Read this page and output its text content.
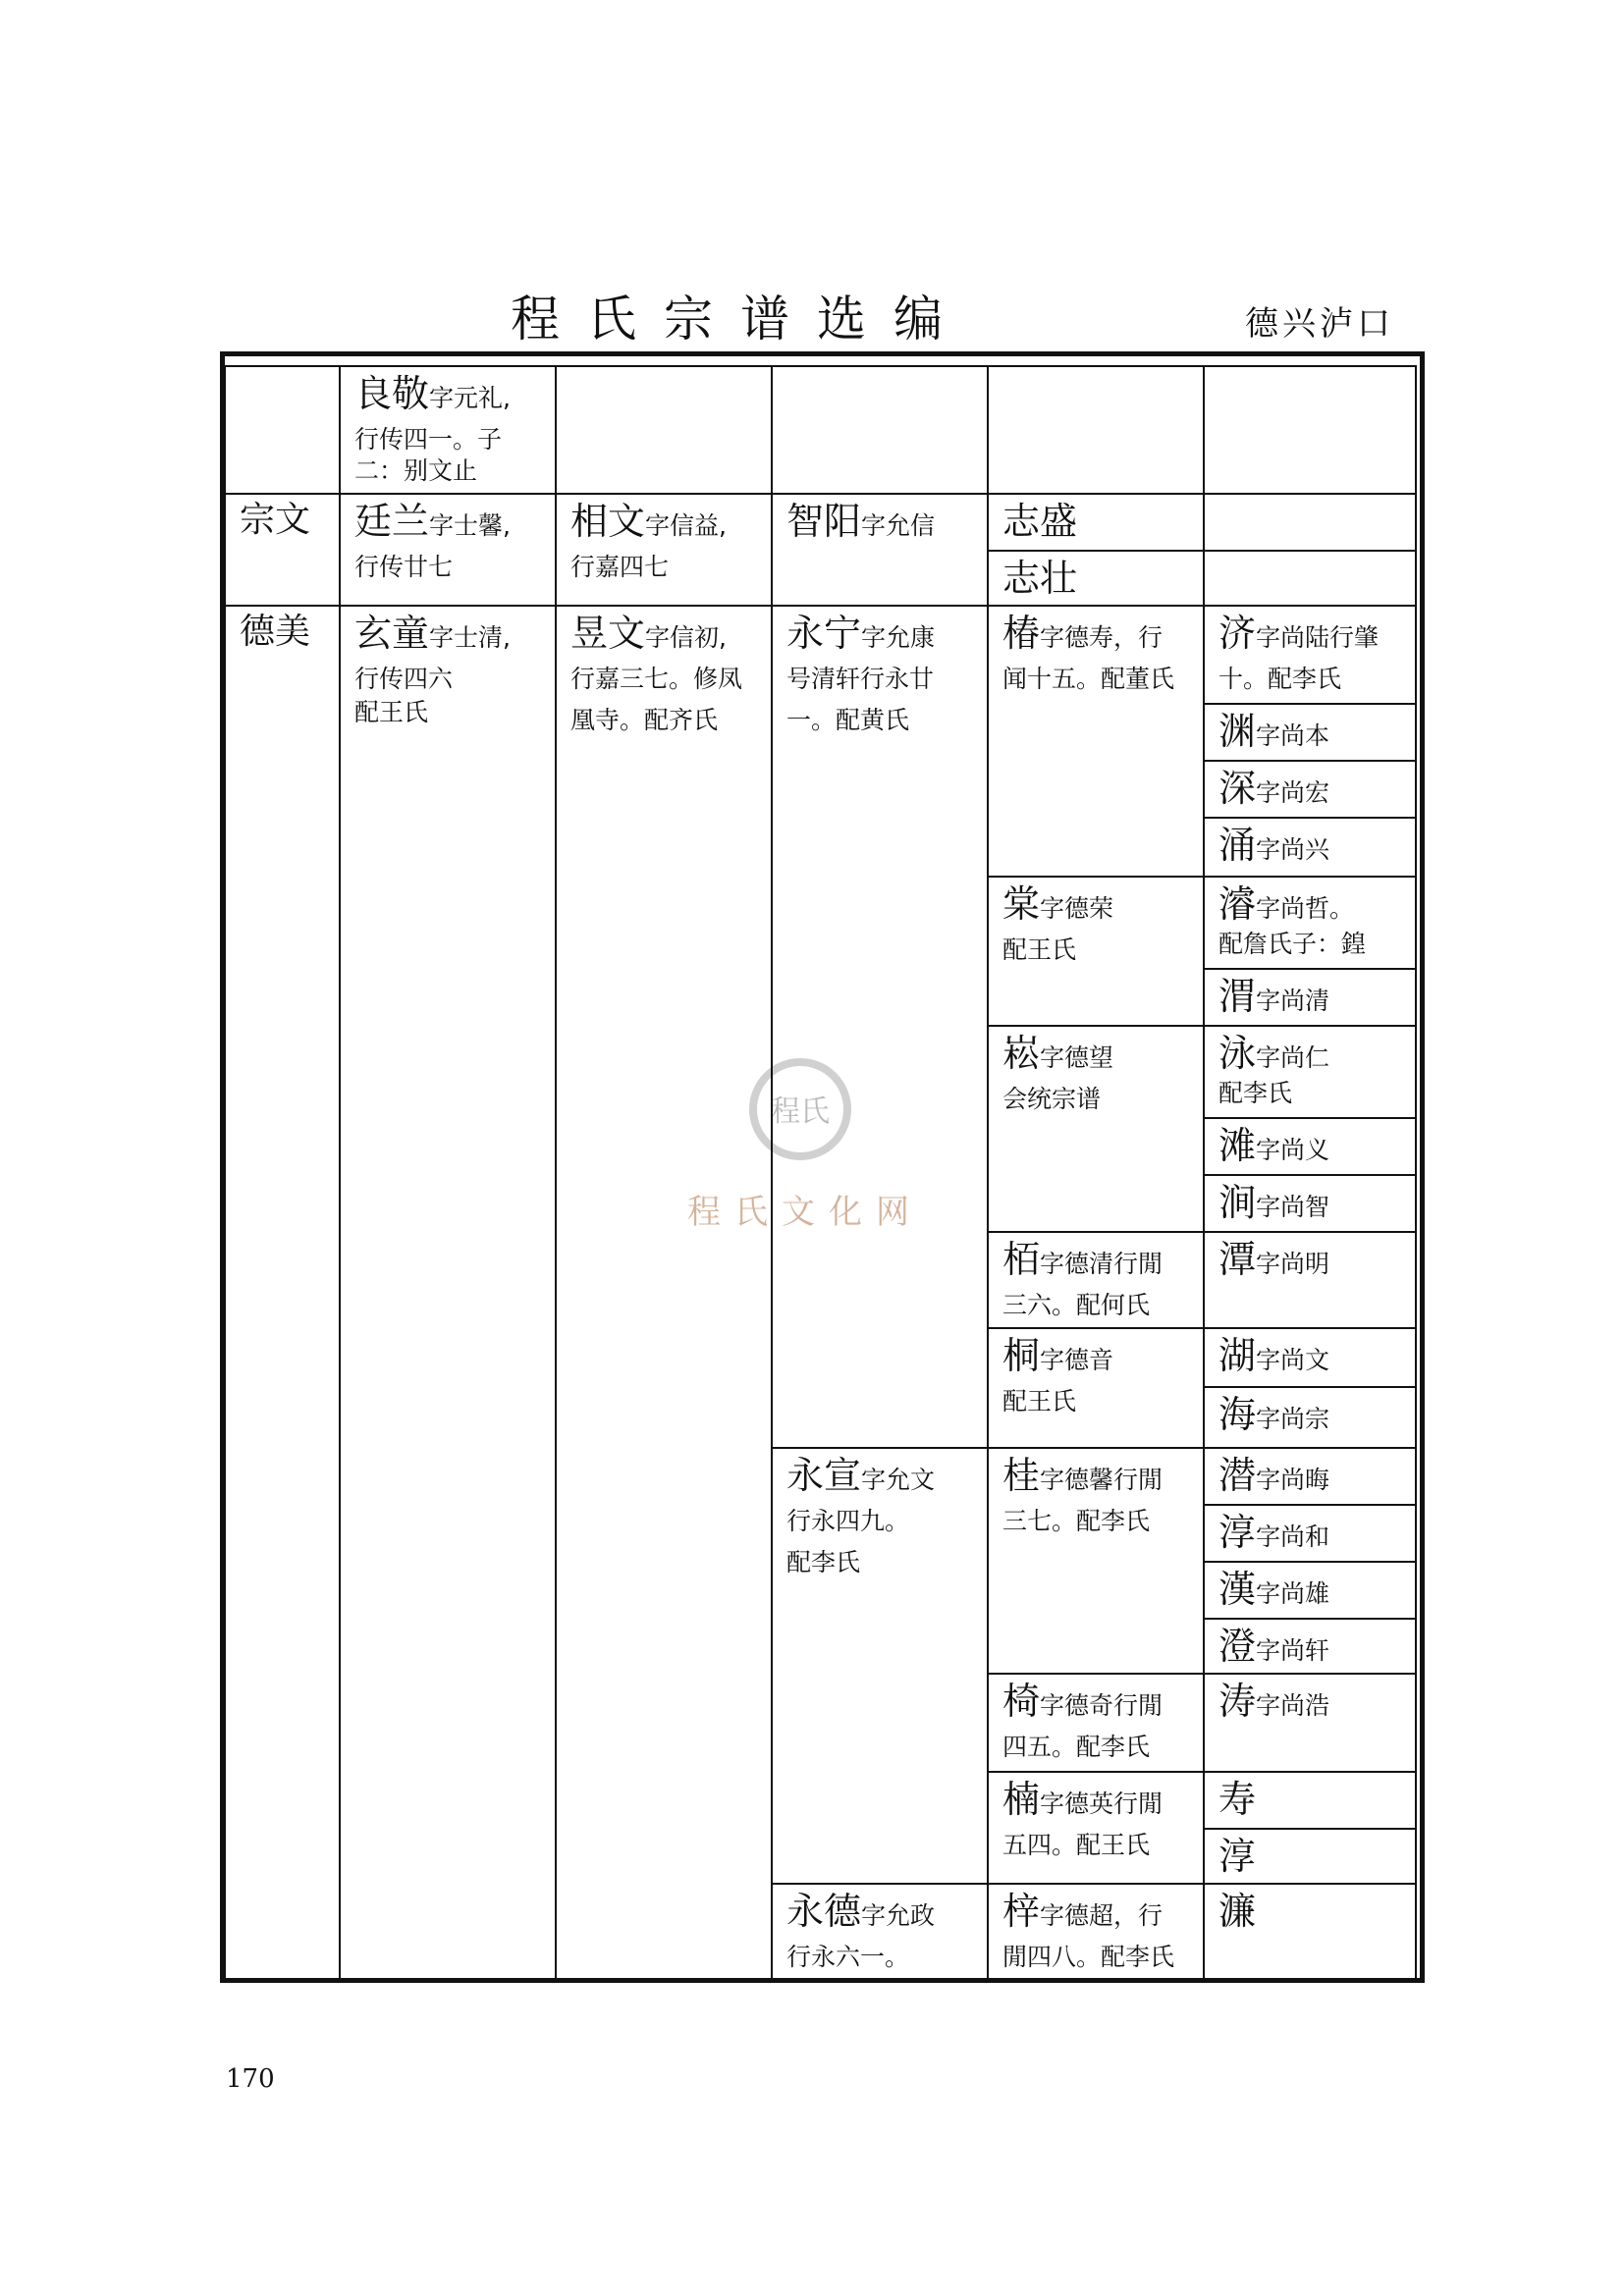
程氏宗谱选编	德兴泸口
程氏
程氏文化网
宗文
德美
良敬字元礼,
行传四一。子
二：别文止
廷兰字士馨,
行传廿七
玄童字士清,
行传四六
配王氏
相文字信益,
行嘉四七
昱文字信初,
行嘉三七。修凤
凰寺。配齐氏
智阳字允信
永宁字允康
号清轩行永廿
一。配黄氏
永宣字允文
行永四九。
配李氏
永德字允政
行永六一。
志盛
志壮
椿字德寿，行
闻十五。配董氏
棠字德荣
配王氏
崧字德望
会统宗谱
栢字德清行閒
三六。配何氏
桐字德音
配王氏
桂字德馨行閒
三七。配李氏
椅字德奇行閒
四五。配李氏
楠字德英行閒
五四。配王氏
梓字德超，行
閒四八。配李氏
济字尚陆行肇
十。配李氏
渊字尚本
深字尚宏
涌字尚兴
濬字尚哲。
配詹氏子：鍠
渭字尚清
泳字尚仁
配李氏
滩字尚义
涧字尚智
潭字尚明
湖字尚文
海字尚宗
潜字尚晦
淳字尚和
漢字尚雄
澄字尚轩
涛字尚浩
寿
淳
濂
170
